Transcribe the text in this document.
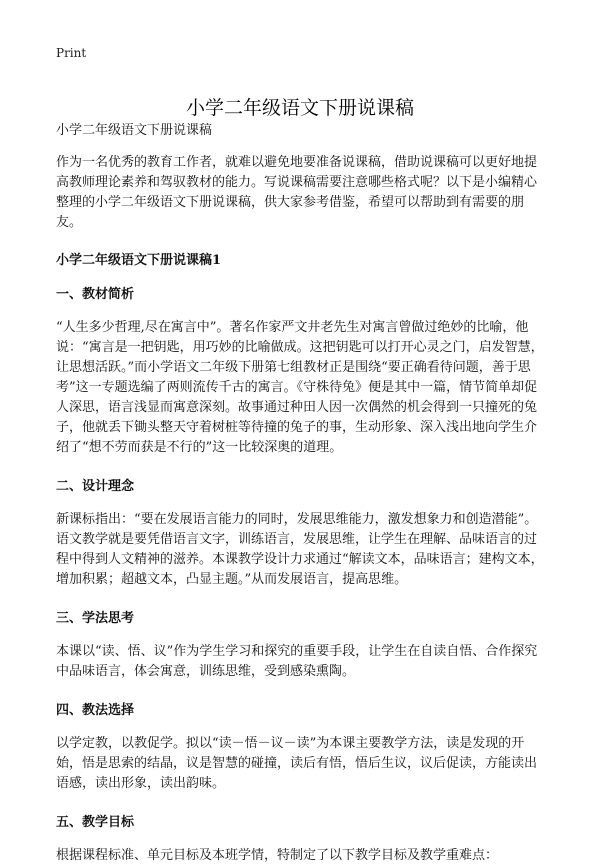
Print
小学二年级语文下册说课稿

小学二年级语文下册说课稿

作为一名优秀的教育工作者，就难以避免地要准备说课稿，借助说课稿可以更好地提高教师理论素养和驾驭教材的能力。写说课稿需要注意哪些格式呢？以下是小编精心整理的小学二年级语文下册说课稿，供大家参考借鉴，希望可以帮助到有需要的朋友。

小学二年级语文下册说课稿1

一、教材简析

“人生多少哲理,尽在寓言中”。著名作家严文井老先生对寓言曾做过绝妙的比喻，他说：“寓言是一把钥匙，用巧妙的比喻做成。这把钥匙可以打开心灵之门，启发智慧，让思想活跃。”而小学语文二年级下册第七组教材正是围绕“要正确看待问题，善于思考”这一专题选编了两则流传千古的寓言。《守株待兔》便是其中一篇，情节简单却促人深思，语言浅显而寓意深刻。故事通过种田人因一次偶然的机会得到一只撞死的兔子，他就丢下锄头整天守着树桩等待撞的兔子的事，生动形象、深入浅出地向学生介绍了“想不劳而获是不行的”这一比较深奥的道理。

二、设计理念

新课标指出：“要在发展语言能力的同时，发展思维能力，激发想象力和创造潜能”。语文教学就是要凭借语言文字，训练语言，发展思维，让学生在理解、品味语言的过程中得到人文精神的滋养。本课教学设计力求通过“解读文本，品味语言；建构文本，增加积累；超越文本，凸显主题。”从而发展语言，提高思维。

三、学法思考

本课以“读、悟、议”作为学生学习和探究的重要手段，让学生在自读自悟、合作探究中品味语言，体会寓意，训练思维，受到感染熏陶。

四、教法选择

以学定教，以教促学。拟以“读－悟－议－读”为本课主要教学方法，读是发现的开始，悟是思索的结晶，议是智慧的碰撞，读后有悟，悟后生议，议后促读，方能读出语感，读出形象，读出韵味。

五、教学目标

根据课程标准、单元目标及本班学情，特制定了以下教学目标及教学重难点：
